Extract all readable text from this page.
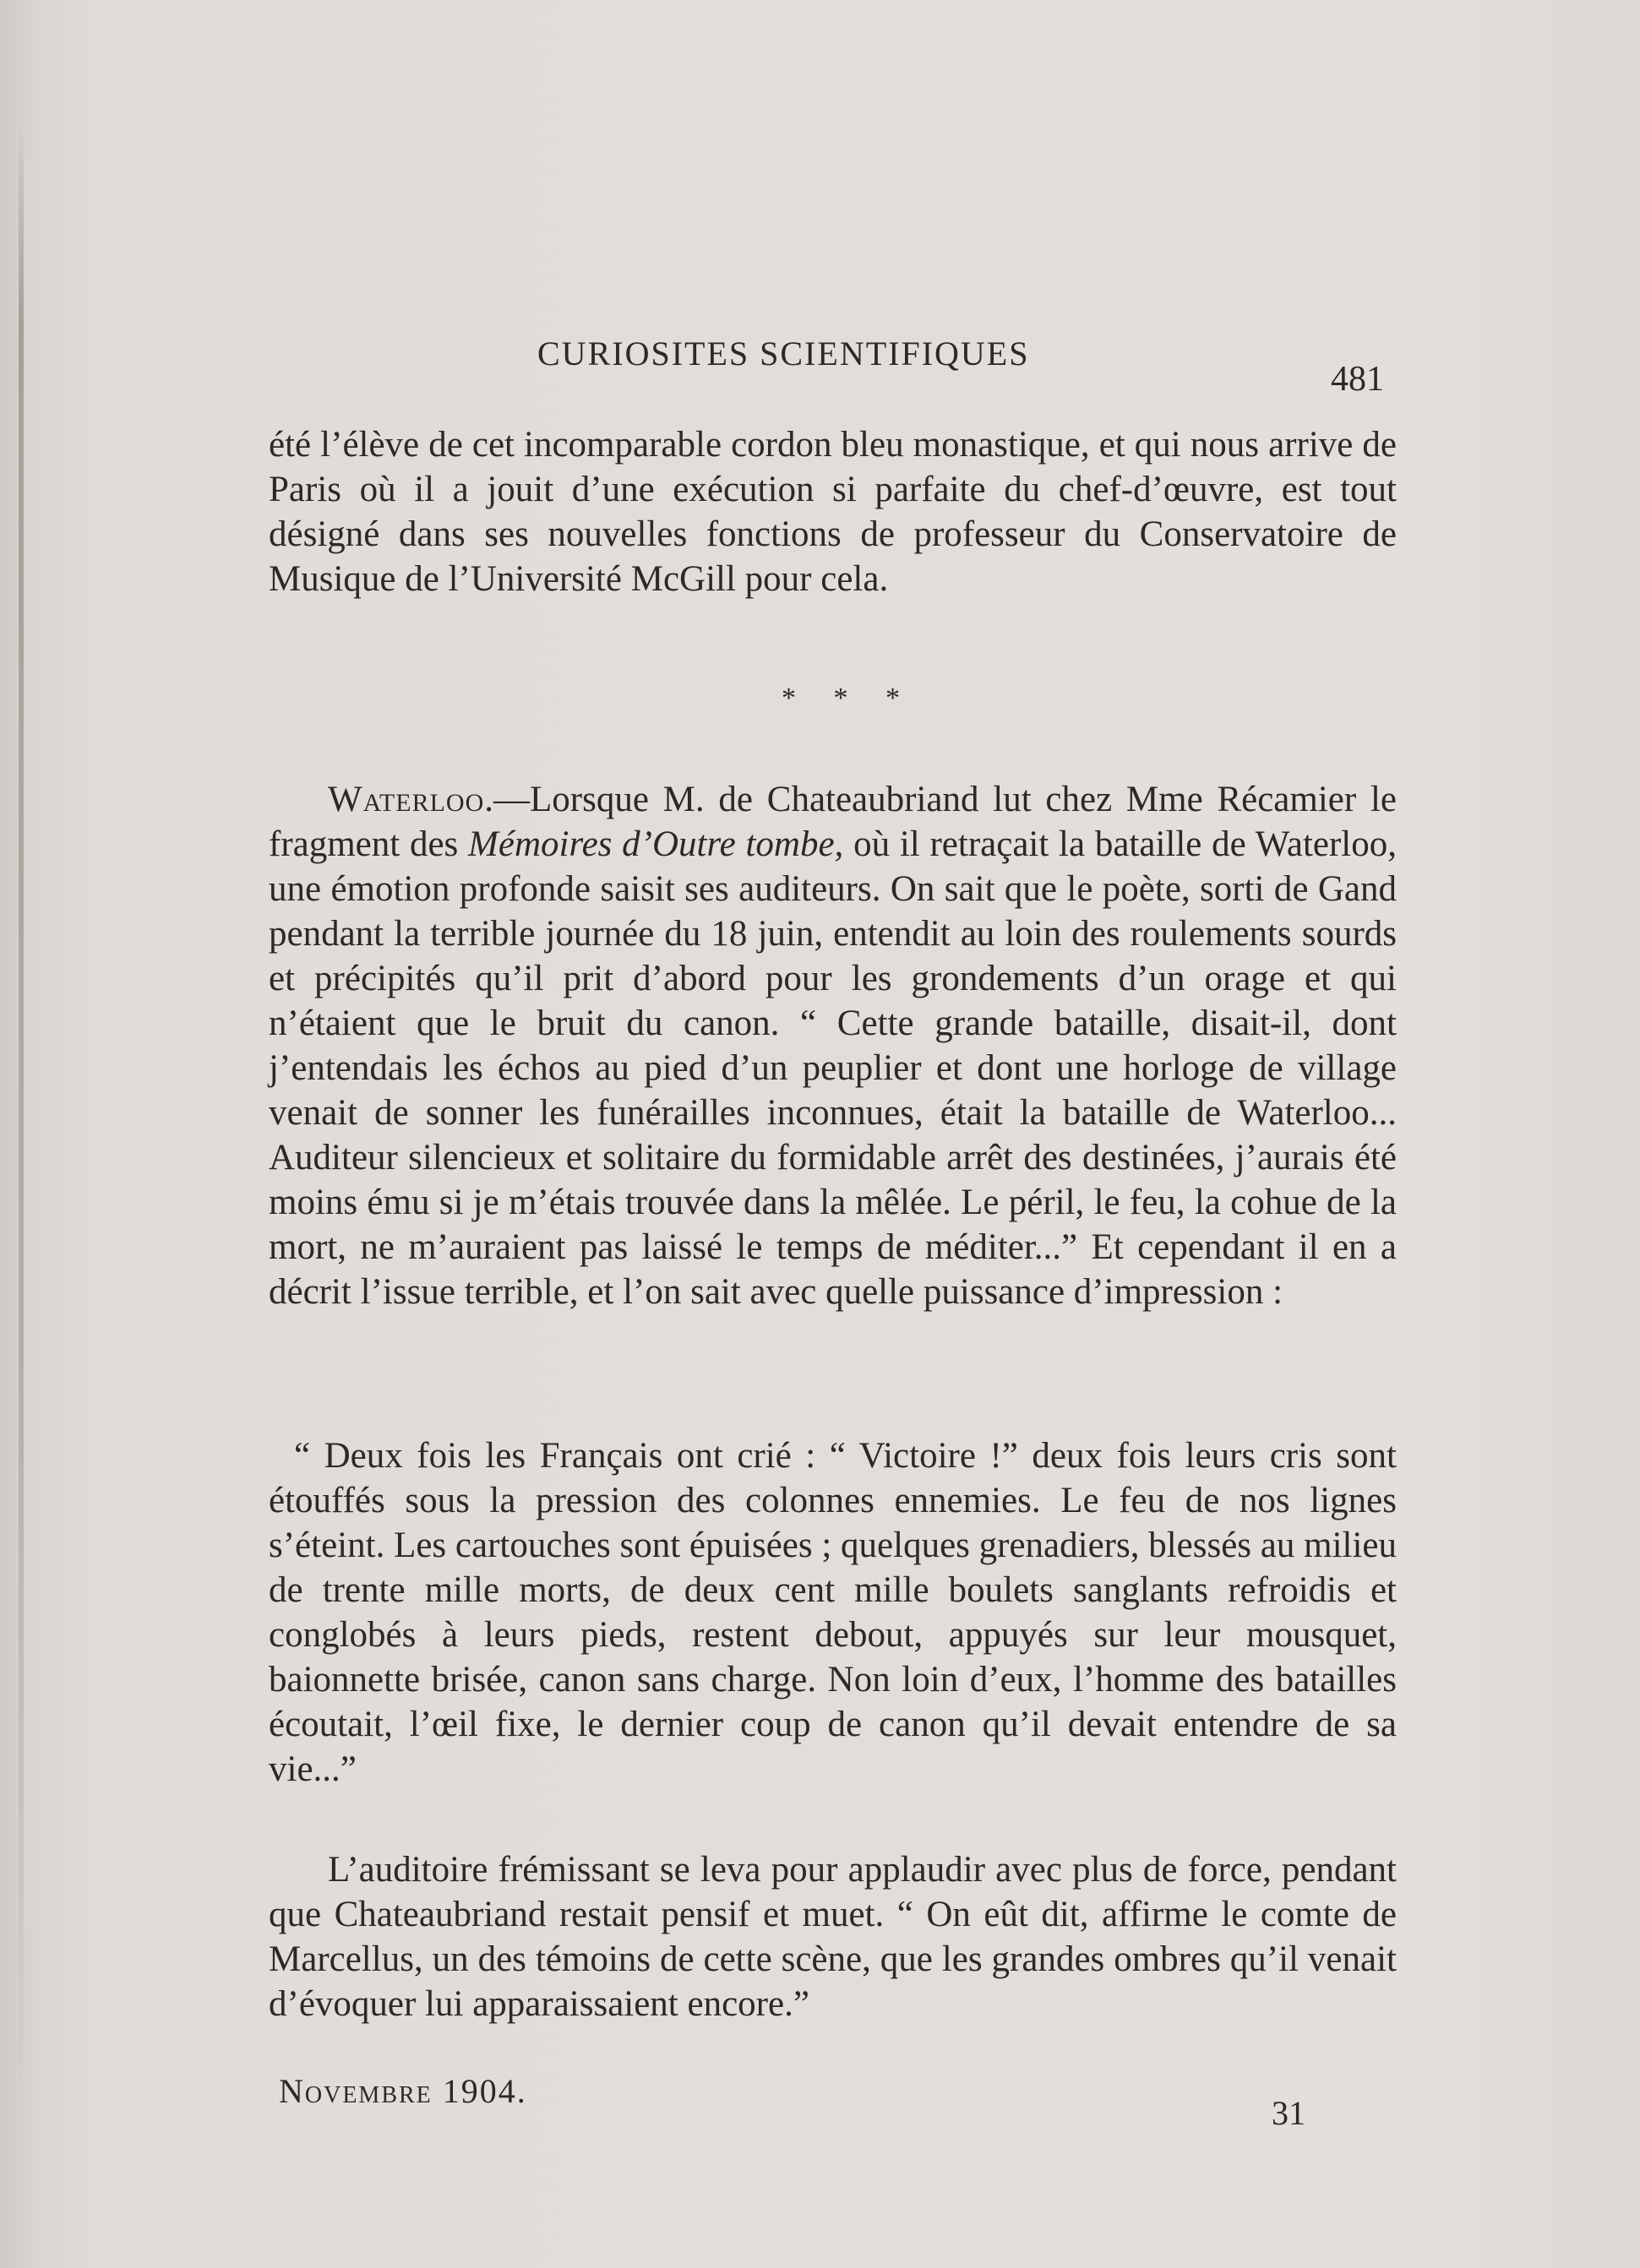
CURIOSITES SCIENTIFIQUES
481

été l’élève de cet incomparable cordon bleu monastique, et qui nous arrive de Paris où il a jouit d’une exécution si parfaite du chef-d’œuvre, est tout désigné dans ses nouvelles fonctions de professeur du Conservatoire de Musique de l’Université McGill pour cela.

* * *

Waterloo.—Lorsque M. de Chateaubriand lut chez Mme Récamier le fragment des Mémoires d’Outre tombe, où il retraçait la bataille de Waterloo, une émotion profonde saisit ses auditeurs. On sait que le poète, sorti de Gand pendant la terrible journée du 18 juin, entendit au loin des roulements sourds et précipités qu’il prit d’abord pour les grondements d’un orage et qui n’étaient que le bruit du canon. “ Cette grande bataille, disait-il, dont j’entendais les échos au pied d’un peuplier et dont une horloge de village venait de sonner les funérailles inconnues, était la bataille de Waterloo... Auditeur silencieux et solitaire du formidable arrêt des destinées, j’aurais été moins ému si je m’étais trouvée dans la mêlée. Le péril, le feu, la cohue de la mort, ne m’auraient pas laissé le temps de méditer...” Et cependant il en a décrit l’issue terrible, et l’on sait avec quelle puissance d’impression :

“ Deux fois les Français ont crié : “ Victoire !” deux fois leurs cris sont étouffés sous la pression des colonnes ennemies. Le feu de nos lignes s’éteint. Les cartouches sont épuisées ; quelques grenadiers, blessés au milieu de trente mille morts, de deux cent mille boulets sanglants refroidis et conglobés à leurs pieds, restent debout, appuyés sur leur mousquet, baionnette brisée, canon sans charge. Non loin d’eux, l’homme des batailles écoutait, l’œil fixe, le dernier coup de canon qu’il devait entendre de sa vie...”

L’auditoire frémissant se leva pour applaudir avec plus de force, pendant que Chateaubriand restait pensif et muet. “ On eût dit, affirme le comte de Marcellus, un des témoins de cette scène, que les grandes ombres qu’il venait d’évoquer lui apparaissaient encore.”

Novembre 1904.
31
